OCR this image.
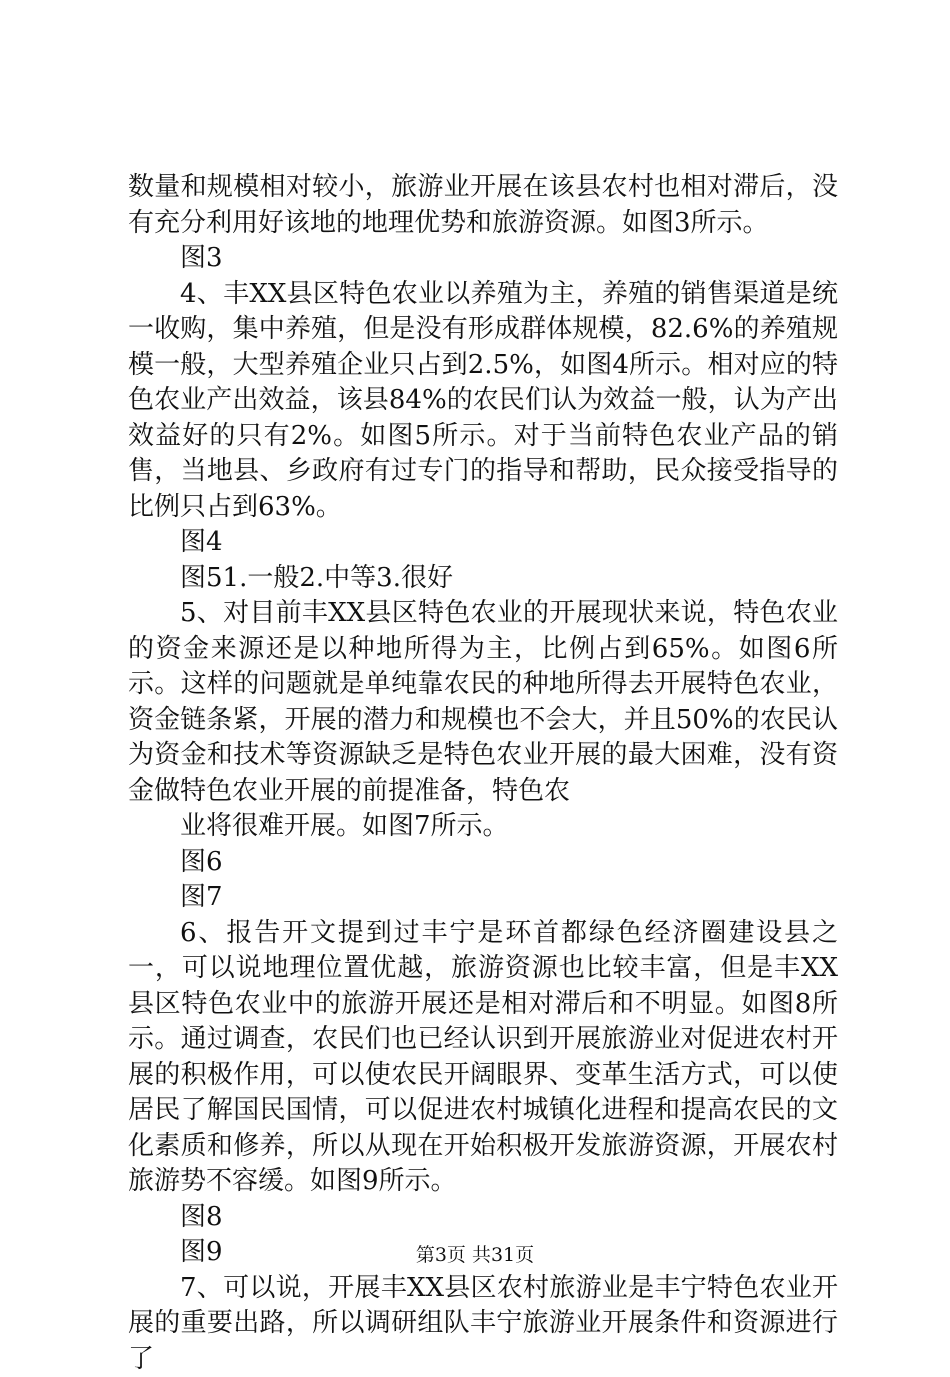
数量和规模相对较小，旅游业开展在该县农村也相对滞后，没有充分利用好该地的地理优势和旅游资源。如图3所示。

图3

4、丰XX县区特色农业以养殖为主，养殖的销售渠道是统一收购，集中养殖，但是没有形成群体规模，82.6%的养殖规模一般，大型养殖企业只占到2.5%，如图4所示。相对应的特色农业产出效益，该县84%的农民们认为效益一般，认为产出效益好的只有2%。如图5所示。对于当前特色农业产品的销售，当地县、乡政府有过专门的指导和帮助，民众接受指导的比例只占到63%。

图4

图51.一般2.中等3.很好

5、对目前丰XX县区特色农业的开展现状来说，特色农业的资金来源还是以种地所得为主，比例占到65%。如图6所示。这样的问题就是单纯靠农民的种地所得去开展特色农业，资金链条紧，开展的潜力和规模也不会大，并且50%的农民认为资金和技术等资源缺乏是特色农业开展的最大困难，没有资金做特色农业开展的前提准备，特色农

业将很难开展。如图7所示。

图6

图7

6、报告开文提到过丰宁是环首都绿色经济圈建设县之一，可以说地理位置优越，旅游资源也比较丰富，但是丰XX县区特色农业中的旅游开展还是相对滞后和不明显。如图8所示。通过调查，农民们也已经认识到开展旅游业对促进农村开展的积极作用，可以使农民开阔眼界、变革生活方式，可以使居民了解国民国情，可以促进农村城镇化进程和提高农民的文化素质和修养，所以从现在开始积极开发旅游资源，开展农村旅游势不容缓。如图9所示。

图8

图9

7、可以说，开展丰XX县区农村旅游业是丰宁特色农业开展的重要出路，所以调研组队丰宁旅游业开展条件和资源进行了

第3页 共31页
